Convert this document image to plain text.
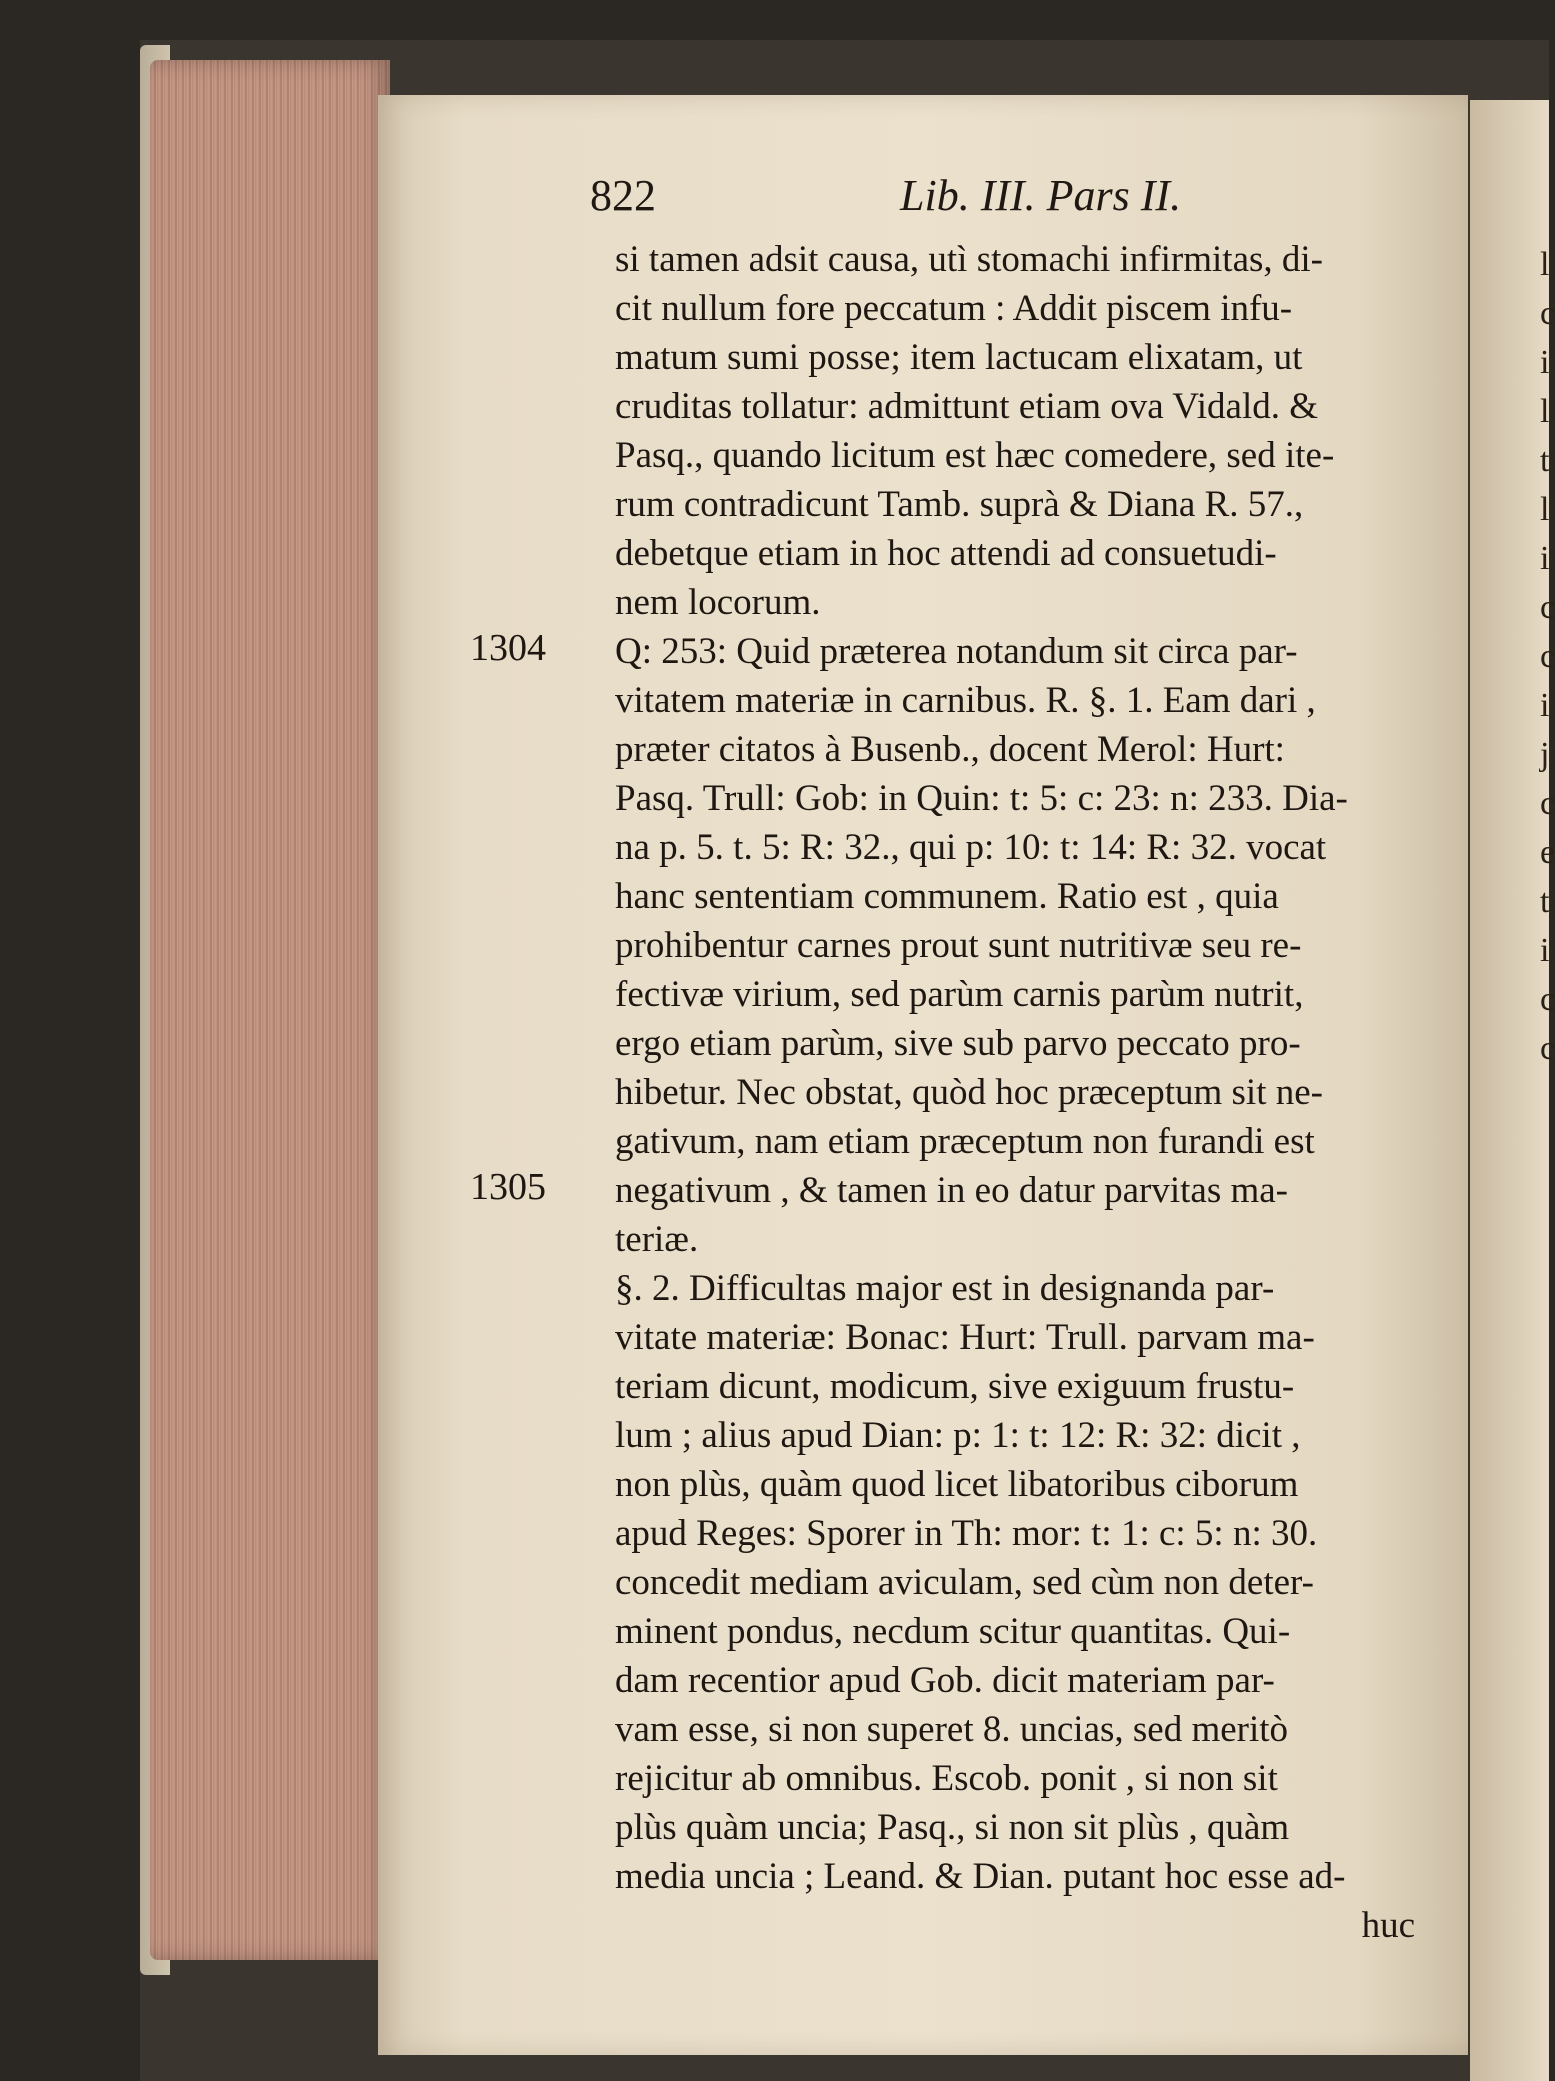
l
c
i
l
t
l
i
c
c
i
j
c
e
t
i
c
c
822	Lib. III. Pars II.
1304
1305
si tamen adsit causa, utì stomachi infirmitas, di-
cit nullum fore peccatum : Addit piscem infu-
matum sumi posse; item lactucam elixatam, ut
cruditas tollatur: admittunt etiam ova Vidald. &
Pasq., quando licitum est hæc comedere, sed ite-
rum contradicunt Tamb. suprà & Diana R. 57.,
debetque etiam in hoc attendi ad consuetudi-
nem locorum.
Q: 253: Quid præterea notandum sit circa par-
vitatem materiæ in carnibus. R. §. 1. Eam dari ,
præter citatos à Busenb., docent Merol: Hurt:
Pasq. Trull: Gob: in Quin: t: 5: c: 23: n: 233. Dia-
na p. 5. t. 5: R: 32., qui p: 10: t: 14: R: 32. vocat
hanc sententiam communem. Ratio est , quia
prohibentur carnes prout sunt nutritivæ seu re-
fectivæ virium, sed parùm carnis parùm nutrit,
ergo etiam parùm, sive sub parvo peccato pro-
hibetur. Nec obstat, quòd hoc præceptum sit ne-
gativum, nam etiam præceptum non furandi est
negativum , & tamen in eo datur parvitas ma-
teriæ.
§. 2. Difficultas major est in designanda par-
vitate materiæ: Bonac: Hurt: Trull. parvam ma-
teriam dicunt, modicum, sive exiguum frustu-
lum ; alius apud Dian: p: 1: t: 12: R: 32: dicit ,
non plùs, quàm quod licet libatoribus ciborum
apud Reges: Sporer in Th: mor: t: 1: c: 5: n: 30.
concedit mediam aviculam, sed cùm non deter-
minent pondus, necdum scitur quantitas. Qui-
dam recentior apud Gob. dicit materiam par-
vam esse, si non superet 8. uncias, sed meritò
rejicitur ab omnibus. Escob. ponit , si non sit
plùs quàm uncia; Pasq., si non sit plùs , quàm
media uncia ; Leand. & Dian. putant hoc esse ad-
huc
